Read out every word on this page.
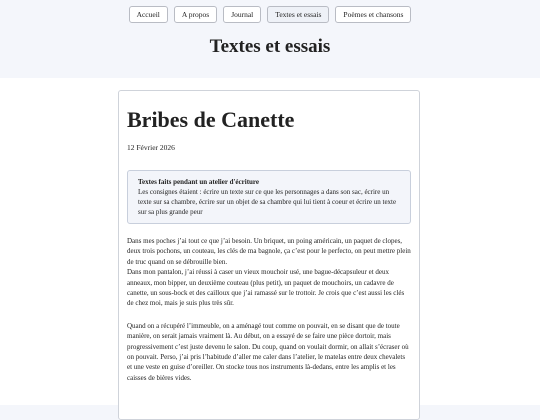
Accueil	A propos	Journal	Textes et essais	Poèmes et chansons
Textes et essais
Bribes de Canette
12 Février 2026
Textes faits pendant un atelier d'écriture
Les consignes étaient : écrire un texte sur ce que les personnages a dans son sac, écrire un texte sur sa chambre, écrire sur un objet de sa chambre qui lui tient à coeur et écrire un texte sur sa plus grande peur

Dans mes poches j’ai tout ce que j’ai besoin. Un briquet, un poing américain, un paquet de clopes, deux trois pochons, un couteau, les clés de ma bagnole, ça c’est pour le perfecto, on peut mettre plein de truc quand on se débrouille bien.

Dans mon pantalon, j’ai réussi à caser un vieux mouchoir usé, une bague-décapsuleur et deux anneaux, mon bipper, un deuxième couteau (plus petit), un paquet de mouchoirs, un cadavre de canette, un sous-bock et des cailloux que j’ai ramassé sur le trottoir. Je crois que c’est aussi les clés de chez moi, mais je suis plus très sûr.

Quand on a récupéré l’immeuble, on a aménagé tout comme on pouvait, en se disant que de toute manière, on serait jamais vraiment là. Au début, on a essayé de se faire une pièce dortoir, mais progressivement c’est juste devenu le salon. Du coup, quand on voulait dormir, on allait s’écraser où on pouvait. Perso, j’ai pris l’habitude d’aller me caler dans l’atelier, le matelas entre deux chevalets et une veste en guise d’oreiller. On stocke tous nos instruments là-dedans, entre les amplis et les caisses de bières vides.
